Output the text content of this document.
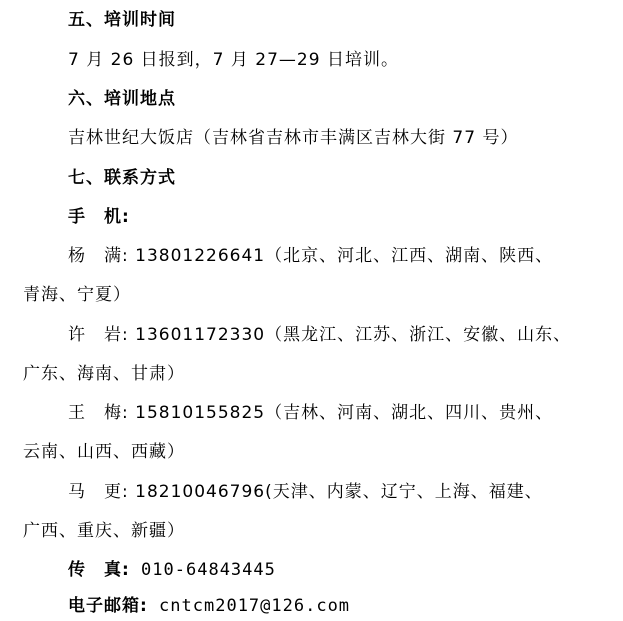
五、培训时间
7 月 26 日报到，7 月 27—29 日培训。
六、培训地点
吉林世纪大饭店（吉林省吉林市丰满区吉林大街 77 号）
七、联系方式
手　机:
杨　满: 13801226641（北京、河北、江西、湖南、陕西、
青海、宁夏）
许　岩: 13601172330（黑龙江、江苏、浙江、安徽、山东、
广东、海南、甘肃）
王　梅: 15810155825（吉林、河南、湖北、四川、贵州、
云南、山西、西藏）
马　更: 18210046796(天津、内蒙、辽宁、上海、福建、
广西、重庆、新疆）
传　真: 010-64843445
电子邮箱: cntcm2017@126.com
